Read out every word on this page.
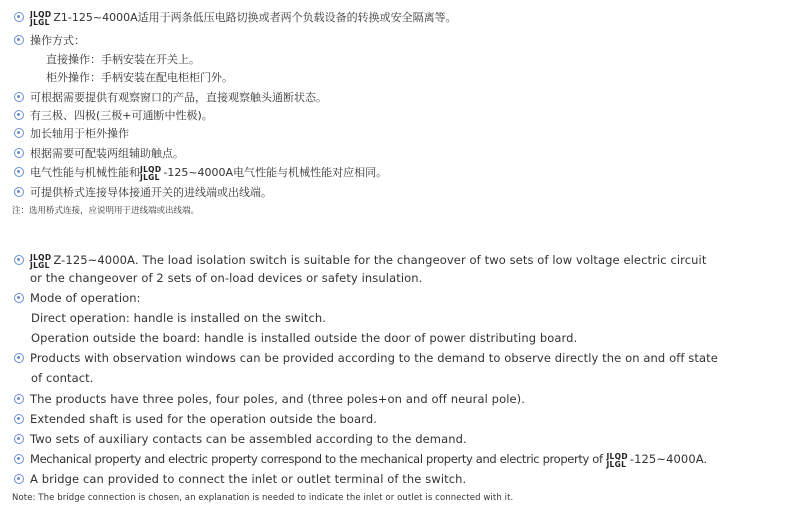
JLQD
JLGL Z1-125~4000A适用于两条低压电路切换或者两个负载设备的转换或安全隔离等。
操作方式：
直接操作：手柄安装在开关上。
柜外操作：手柄安装在配电柜柜门外。
可根据需要提供有观察窗口的产品，直接观察触头通断状态。
有三极、四极(三极+可通断中性极)。
加长轴用于柜外操作
根据需要可配装两组辅助触点。
电气性能与机械性能和 JLQD
JLGL -125~4000A电气性能与机械性能对应相同。
可提供桥式连接导体接通开关的进线端或出线端。
注：选用桥式连接，应说明用于进线端或出线端。
JLQD
JLGL Z-125~4000A. The load isolation switch is suitable for the changeover of two sets of low voltage electric circuit
or the changeover of 2 sets of on-load devices or safety insulation.
Mode of operation:
Direct operation: handle is installed on the switch.
Operation outside the board: handle is installed outside the door of power distributing board.
Products with observation windows can be provided according to the demand to observe directly the on and off state
of contact.
The products have three poles, four poles, and (three poles+on and off neural pole).
Extended shaft is used for the operation outside the board.
Two sets of auxiliary contacts can be assembled according to the demand.
Mechanical property and electric property correspond to the mechanical property and electric property of JLQD
JLGL -125~4000A.
A bridge can provided to connect the inlet or outlet terminal of the switch.
Note: The bridge connection is chosen, an explanation is needed to indicate the inlet or outlet is connected with it.
